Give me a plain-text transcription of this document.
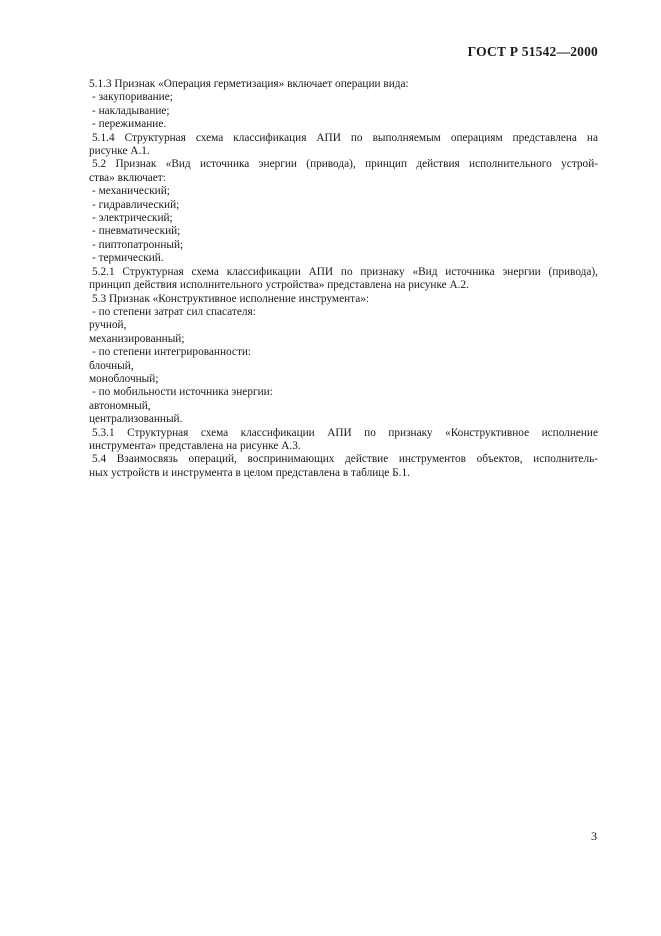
ГОСТ Р 51542—2000
5.1.3 Признак «Операция герметизация» включает операции вида:
- закупоривание;
- накладывание;
- пережимание.
5.1.4 Структурная схема классификация АПИ по выполняемым операциям представлена на
рисунке А.1.
5.2 Признак «Вид источника энергии (привода), принцип действия исполнительного устрой-
ства» включает:
- механический;
- гидравлический;
- электрический;
- пневматический;
- пиптопатронный;
- термический.
5.2.1 Структурная схема классификации АПИ по признаку «Вид источника энергии (привода),
принцип действия исполнительного устройства» представлена на рисунке А.2.
5.3 Признак «Конструктивное исполнение инструмента»:
- по степени затрат сил спасателя:
ручной,
механизированный;
- по степени интегрированности:
блочный,
моноблочный;
- по мобильности источника энергии:
автономный,
централизованный.
5.3.1 Структурная схема классификации АПИ по признаку «Конструктивное исполнение
инструмента» представлена на рисунке А.3.
5.4 Взаимосвязь операций, воспринимающих действие инструментов объектов, исполнитель-
ных устройств и инструмента в целом представлена в таблице Б.1.
3
